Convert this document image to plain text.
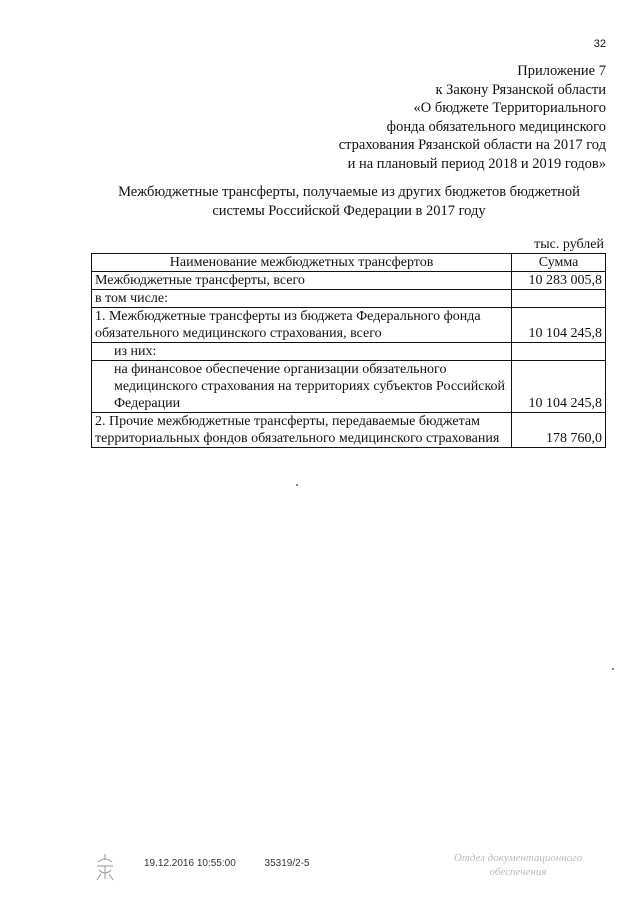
32
Приложение 7
к Закону Рязанской области
«О бюджете Территориального
фонда обязательного медицинского
страхования Рязанской области на 2017 год
и на плановый период 2018 и 2019 годов»
Межбюджетные трансферты, получаемые из других бюджетов бюджетной
системы Российской Федерации в 2017 году
тыс. рублей
Наименование межбюджетных трансфертов	Сумма
Межбюджетные трансферты, всего	10 283 005,8
в том числе:	
1. Межбюджетные трансферты из бюджета Федерального фонда обязательного медицинского страхования, всего	10 104 245,8
из них:	
на финансовое обеспечение организации обязательного медицинского страхования на территориях субъектов Российской Федерации	10 104 245,8
2. Прочие межбюджетные трансферты, передаваемые бюджетам территориальных фондов обязательного медицинского страхования	178 760,0
19.12.2016 10:55:00	35319/2-5	Отдел документационного
обеспечения
